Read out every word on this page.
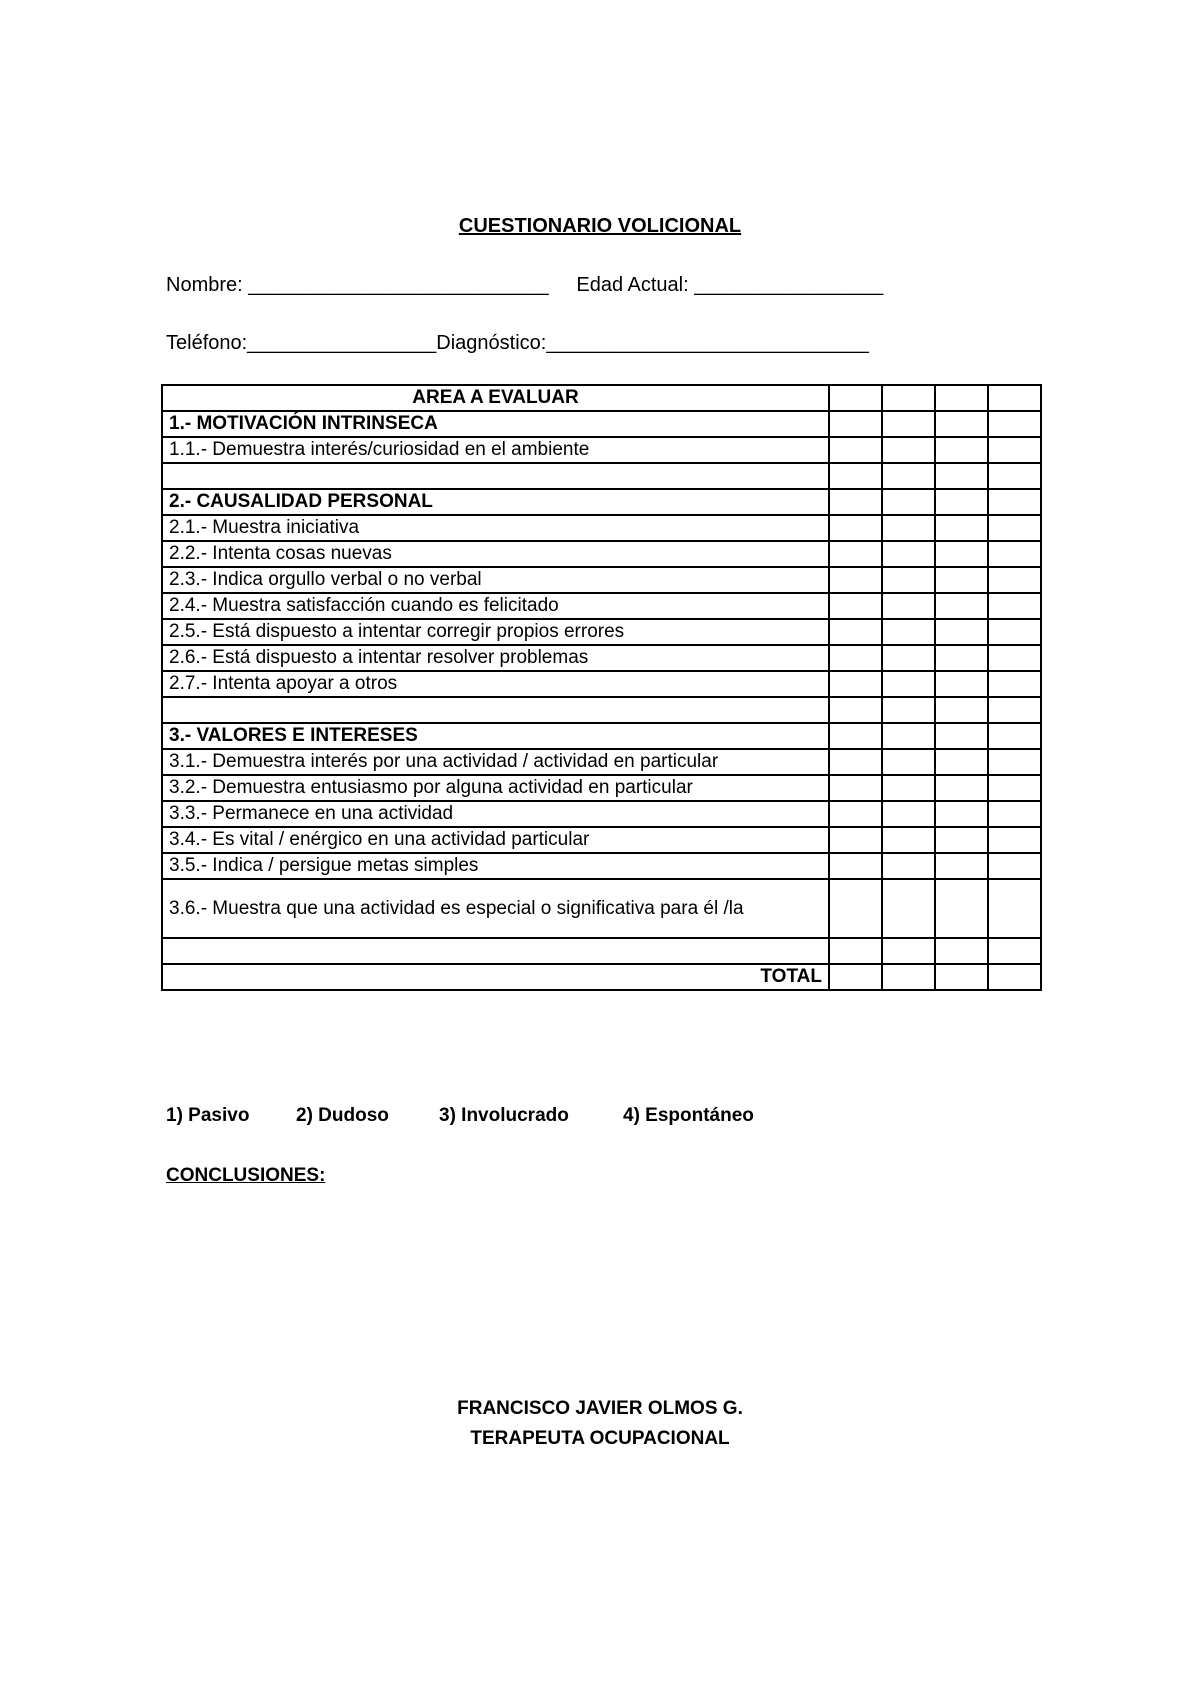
CUESTIONARIO VOLICIONAL
Nombre: ___________________________     Edad Actual: _________________
Teléfono:_________________Diagnóstico:_____________________________
AREA A EVALUAR				
1.- MOTIVACIÓN INTRINSECA				
1.1.- Demuestra interés/curiosidad en el ambiente				

2.- CAUSALIDAD PERSONAL				
2.1.- Muestra iniciativa				
2.2.- Intenta cosas nuevas				
2.3.- Indica orgullo verbal o no verbal				
2.4.- Muestra satisfacción cuando es felicitado				
2.5.- Está dispuesto a intentar corregir propios errores				
2.6.- Está dispuesto a intentar resolver problemas				
2.7.- Intenta apoyar a otros				

3.- VALORES E INTERESES				
3.1.- Demuestra interés por una actividad / actividad en particular				
3.2.- Demuestra entusiasmo por alguna actividad en particular				
3.3.- Permanece en una actividad				
3.4.- Es vital / enérgico en una actividad particular				
3.5.- Indica / persigue metas simples				
3.6.- Muestra que una actividad es especial o significativa para él /la				

TOTAL				
1) Pasivo 2) Dudoso	3) Involucrado	4) Espontáneo
CONCLUSIONES:
FRANCISCO JAVIER OLMOS G.
TERAPEUTA OCUPACIONAL
